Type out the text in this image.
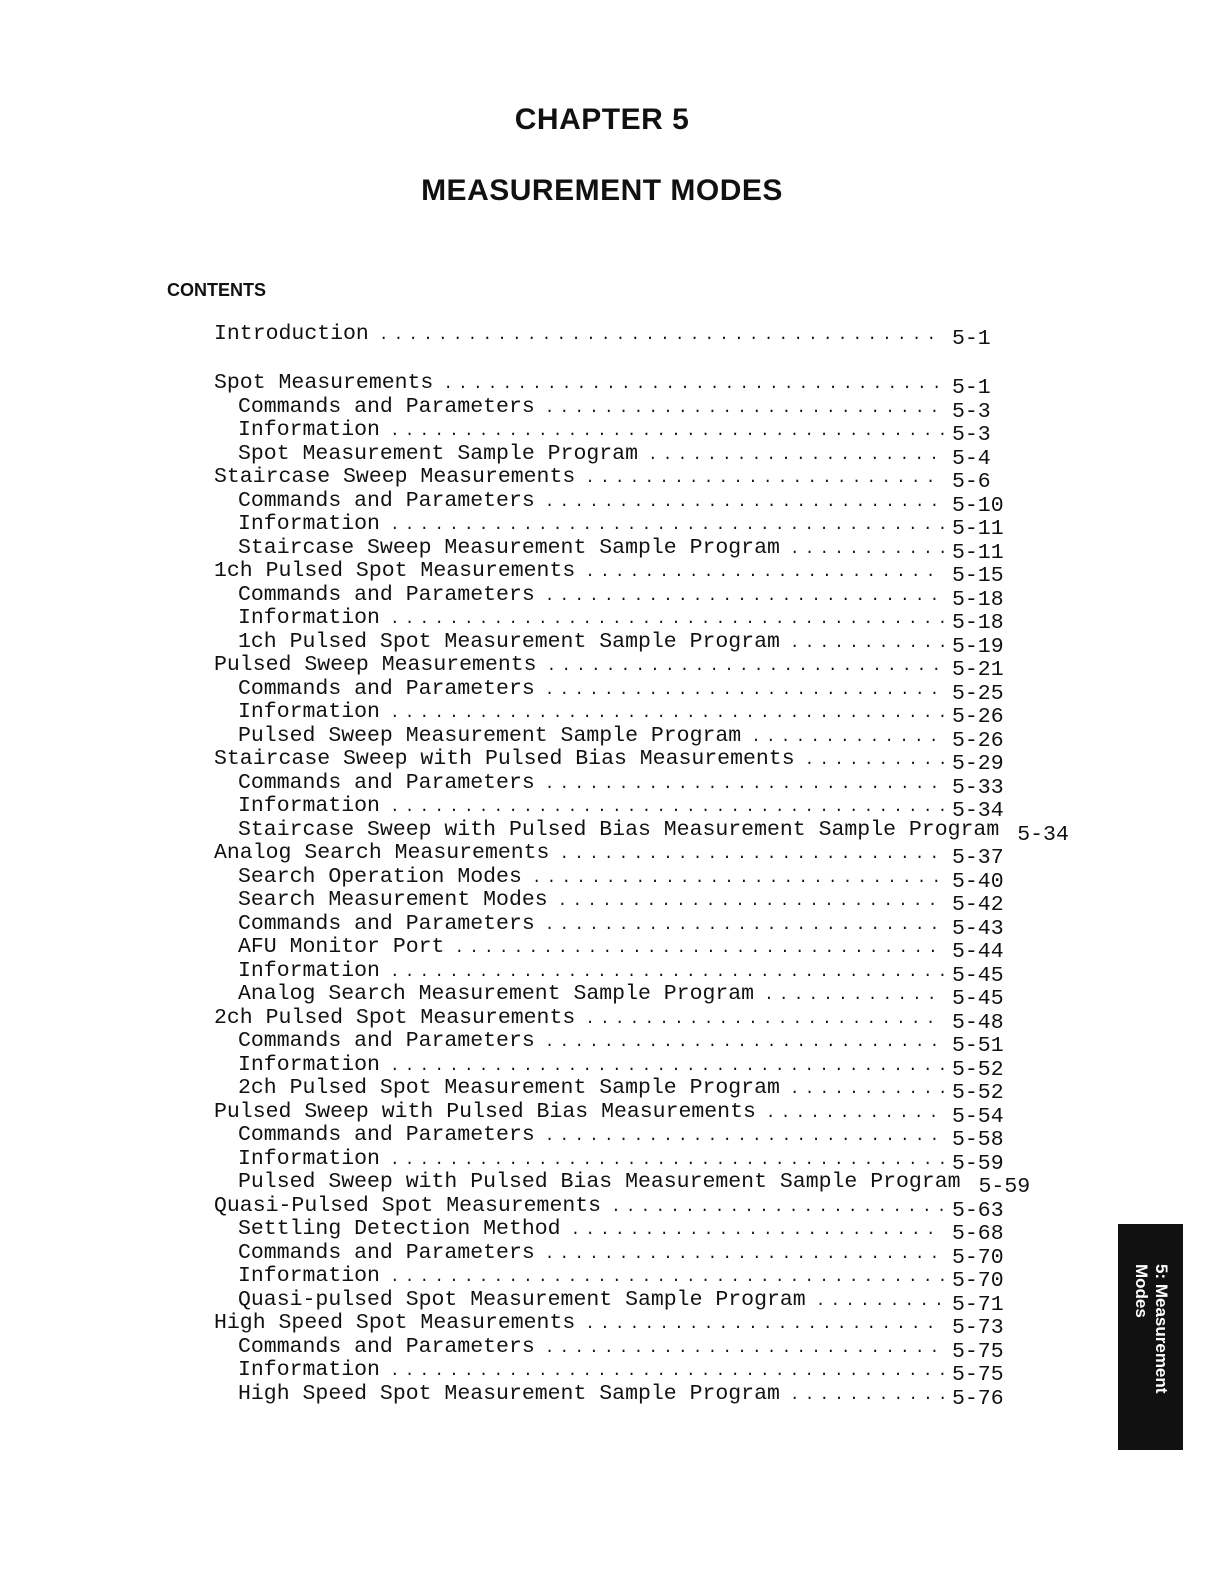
CHAPTER 5
MEASUREMENT MODES
CONTENTS
Introduction . . .	5-1
Spot Measurements . . .	5-1
Commands and Parameters . . .	5-3
Information . . .	5-3
Spot Measurement Sample Program . . .	5-4
Staircase Sweep Measurements . . .	5-6
Commands and Parameters . . .	5-10
Information . . .	5-11
Staircase Sweep Measurement Sample Program . . .	5-11
1ch Pulsed Spot Measurements . . .	5-15
Commands and Parameters . . .	5-18
Information . . .	5-18
1ch Pulsed Spot Measurement Sample Program . . .	5-19
Pulsed Sweep Measurements . . .	5-21
Commands and Parameters . . .	5-25
Information . . .	5-26
Pulsed Sweep Measurement Sample Program . . .	5-26
Staircase Sweep with Pulsed Bias Measurements . . .	5-29
Commands and Parameters . . .	5-33
Information . . .	5-34
Staircase Sweep with Pulsed Bias Measurement Sample Program 5-34
Analog Search Measurements . . .	5-37
Search Operation Modes . . .	5-40
Search Measurement Modes . . .	5-42
Commands and Parameters . . .	5-43
AFU Monitor Port . . .	5-44
Information . . .	5-45
Analog Search Measurement Sample Program . . .	5-45
2ch Pulsed Spot Measurements . . .	5-48
Commands and Parameters . . .	5-51
Information . . .	5-52
2ch Pulsed Spot Measurement Sample Program . . .	5-52
Pulsed Sweep with Pulsed Bias Measurements . . .	5-54
Commands and Parameters . . .	5-58
Information . . .	5-59
Pulsed Sweep with Pulsed Bias Measurement Sample Program 5-59
Quasi-Pulsed Spot Measurements . . .	5-63
Settling Detection Method . . .	5-68
Commands and Parameters . . .	5-70
Information . . .	5-70
Quasi-pulsed Spot Measurement Sample Program . . .	5-71
High Speed Spot Measurements . . .	5-73
Commands and Parameters . . .	5-75
Information . . .	5-75
High Speed Spot Measurement Sample Program . . .	5-76
5: Measurement
Modes
